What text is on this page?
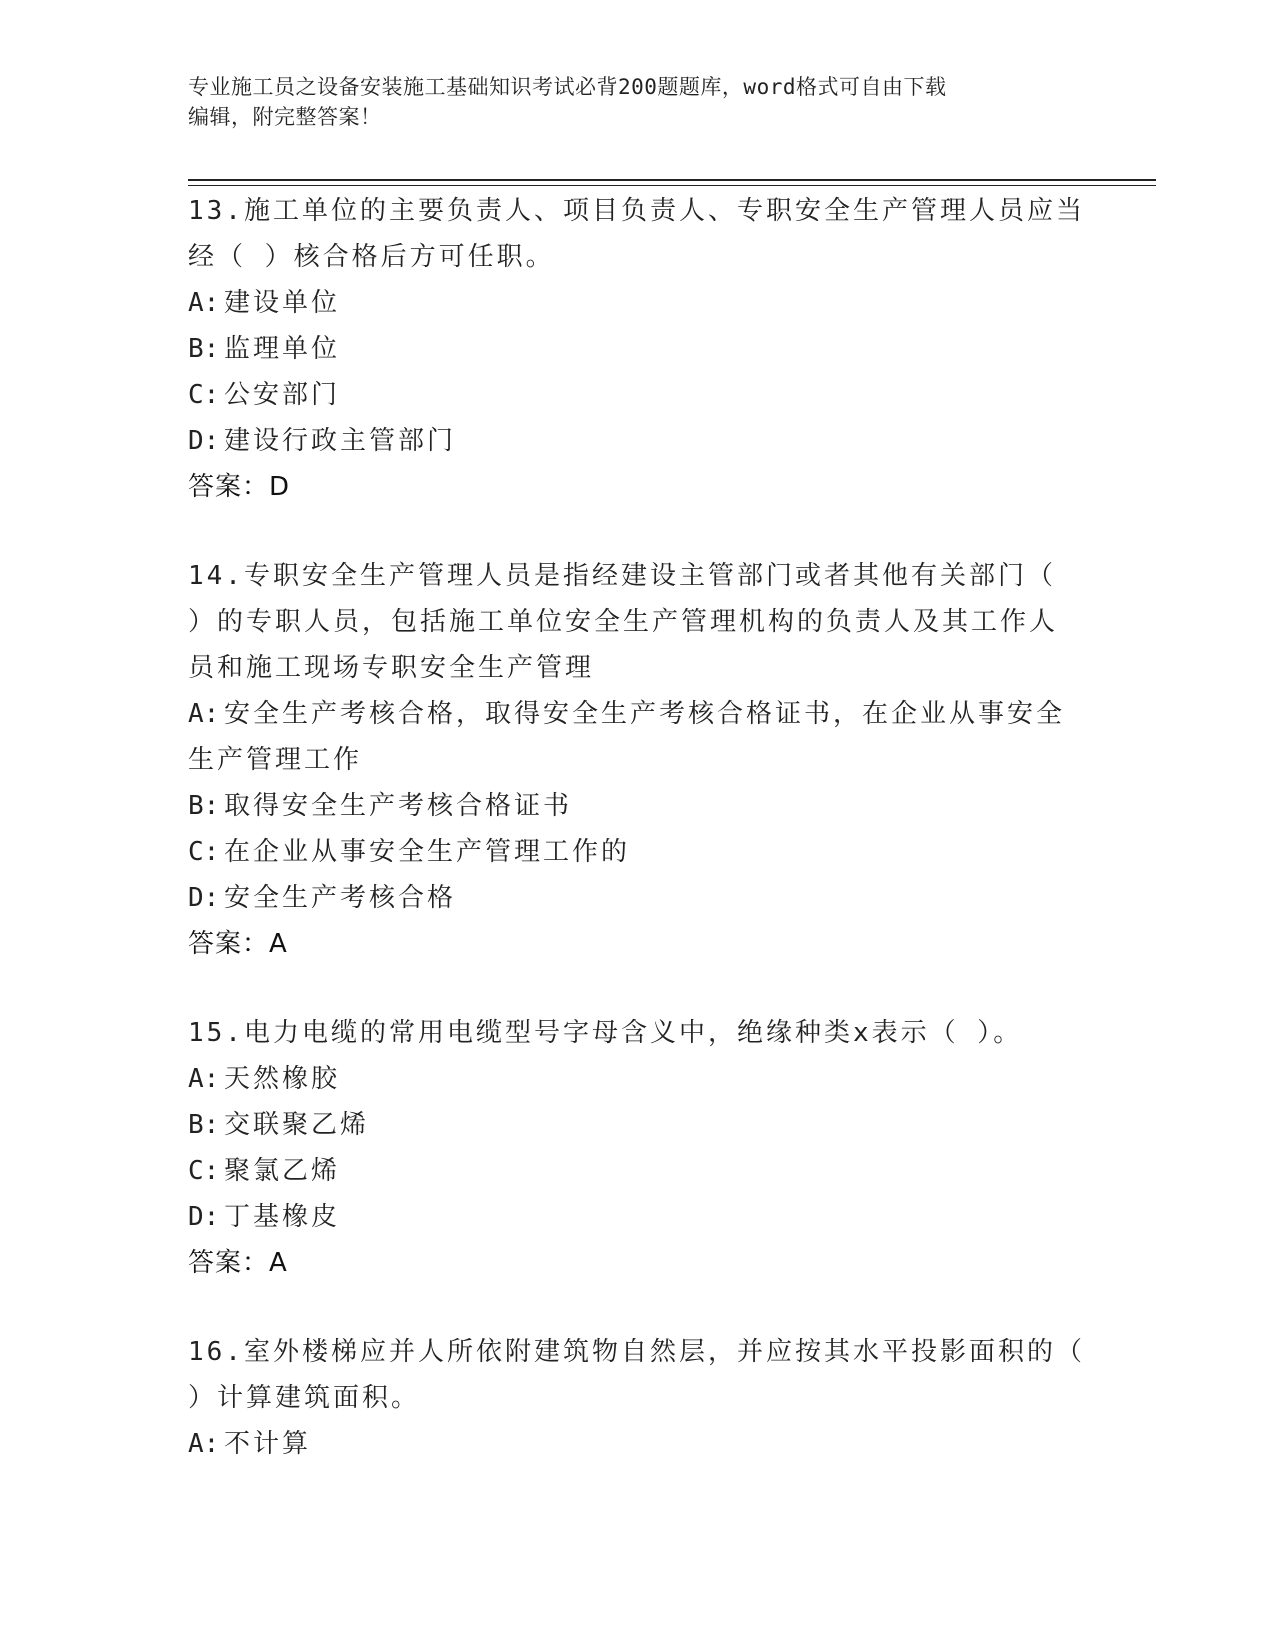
专业施工员之设备安装施工基础知识考试必背200题题库，word格式可自由下载
编辑，附完整答案！
13.施工单位的主要负责人、项目负责人、专职安全生产管理人员应当
经（ ）核合格后方可任职。
A: 建设单位
B: 监理单位
C: 公安部门
D: 建设行政主管部门
答案：D
14.专职安全生产管理人员是指经建设主管部门或者其他有关部门（
）的专职人员，包括施工单位安全生产管理机构的负责人及其工作人
员和施工现场专职安全生产管理
A: 安全生产考核合格，取得安全生产考核合格证书，在企业从事安全
生产管理工作
B: 取得安全生产考核合格证书
C: 在企业从事安全生产管理工作的
D: 安全生产考核合格
答案：A
15.电力电缆的常用电缆型号字母含义中，绝缘种类x表示（ ）。
A: 天然橡胶
B: 交联聚乙烯
C: 聚氯乙烯
D: 丁基橡皮
答案：A
16.室外楼梯应并人所依附建筑物自然层，并应按其水平投影面积的（
）计算建筑面积。
A: 不计算
